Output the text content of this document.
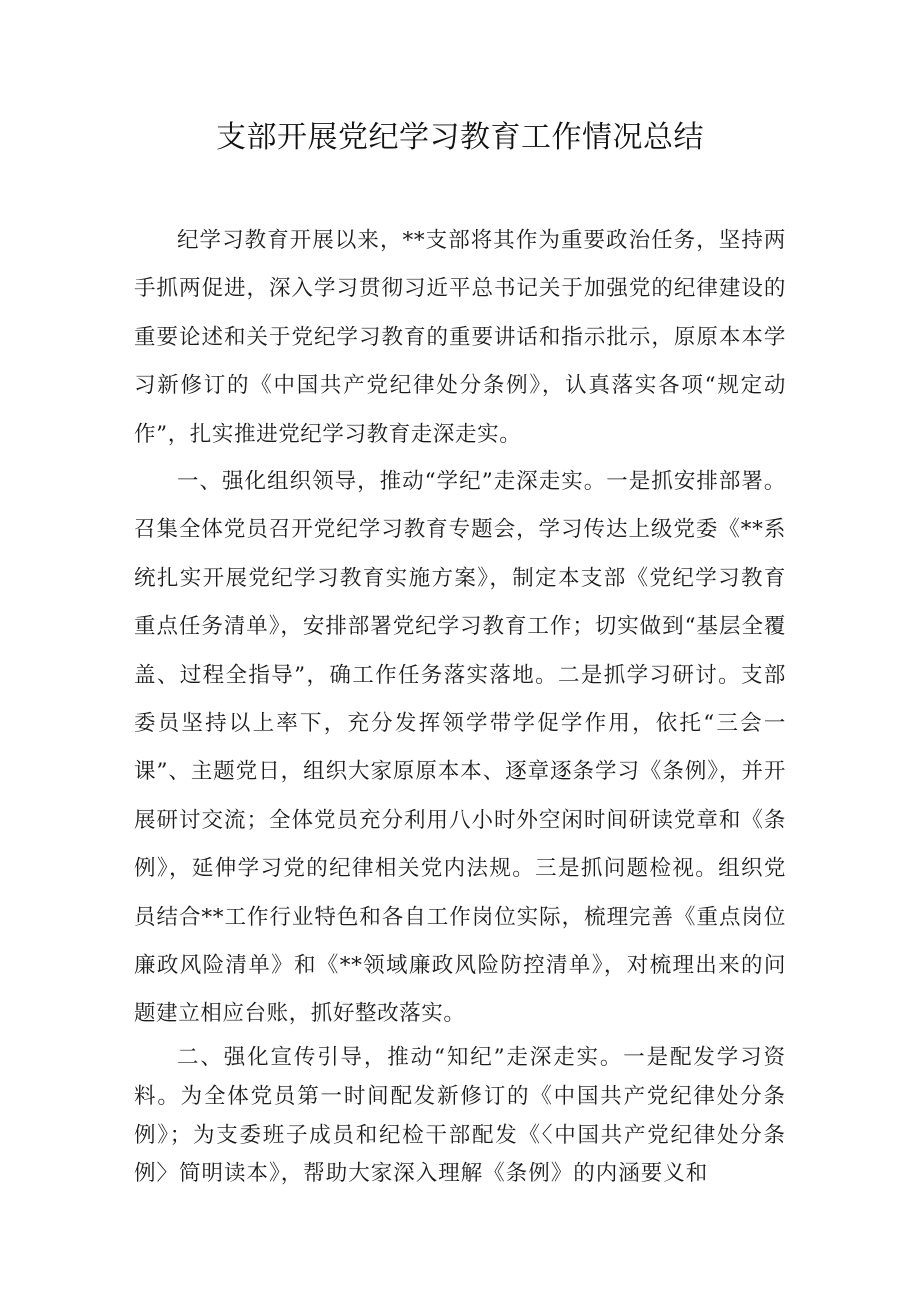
支部开展党纪学习教育工作情况总结

纪学习教育开展以来，**支部将其作为重要政治任务，坚持两手抓两促进，深入学习贯彻习近平总书记关于加强党的纪律建设的重要论述和关于党纪学习教育的重要讲话和指示批示，原原本本学习新修订的《中国共产党纪律处分条例》，认真落实各项“规定动作”，扎实推进党纪学习教育走深走实。

一、强化组织领导，推动“学纪”走深走实。一是抓安排部署。召集全体党员召开党纪学习教育专题会，学习传达上级党委《**系统扎实开展党纪学习教育实施方案》，制定本支部《党纪学习教育重点任务清单》，安排部署党纪学习教育工作；切实做到“基层全覆盖、过程全指导”，确工作任务落实落地。二是抓学习研讨。支部委员坚持以上率下，充分发挥领学带学促学作用，依托“三会一课”、主题党日，组织大家原原本本、逐章逐条学习《条例》，并开展研讨交流；全体党员充分利用八小时外空闲时间研读党章和《条例》，延伸学习党的纪律相关党内法规。三是抓问题检视。组织党员结合**工作行业特色和各自工作岗位实际，梳理完善《重点岗位廉政风险清单》和《**领域廉政风险防控清单》，对梳理出来的问题建立相应台账，抓好整改落实。

二、强化宣传引导，推动“知纪”走深走实。一是配发学习资料。为全体党员第一时间配发新修订的《中国共产党纪律处分条例》；为支委班子成员和纪检干部配发《〈中国共产党纪律处分条例〉简明读本》，帮助大家深入理解《条例》的内涵要义和
